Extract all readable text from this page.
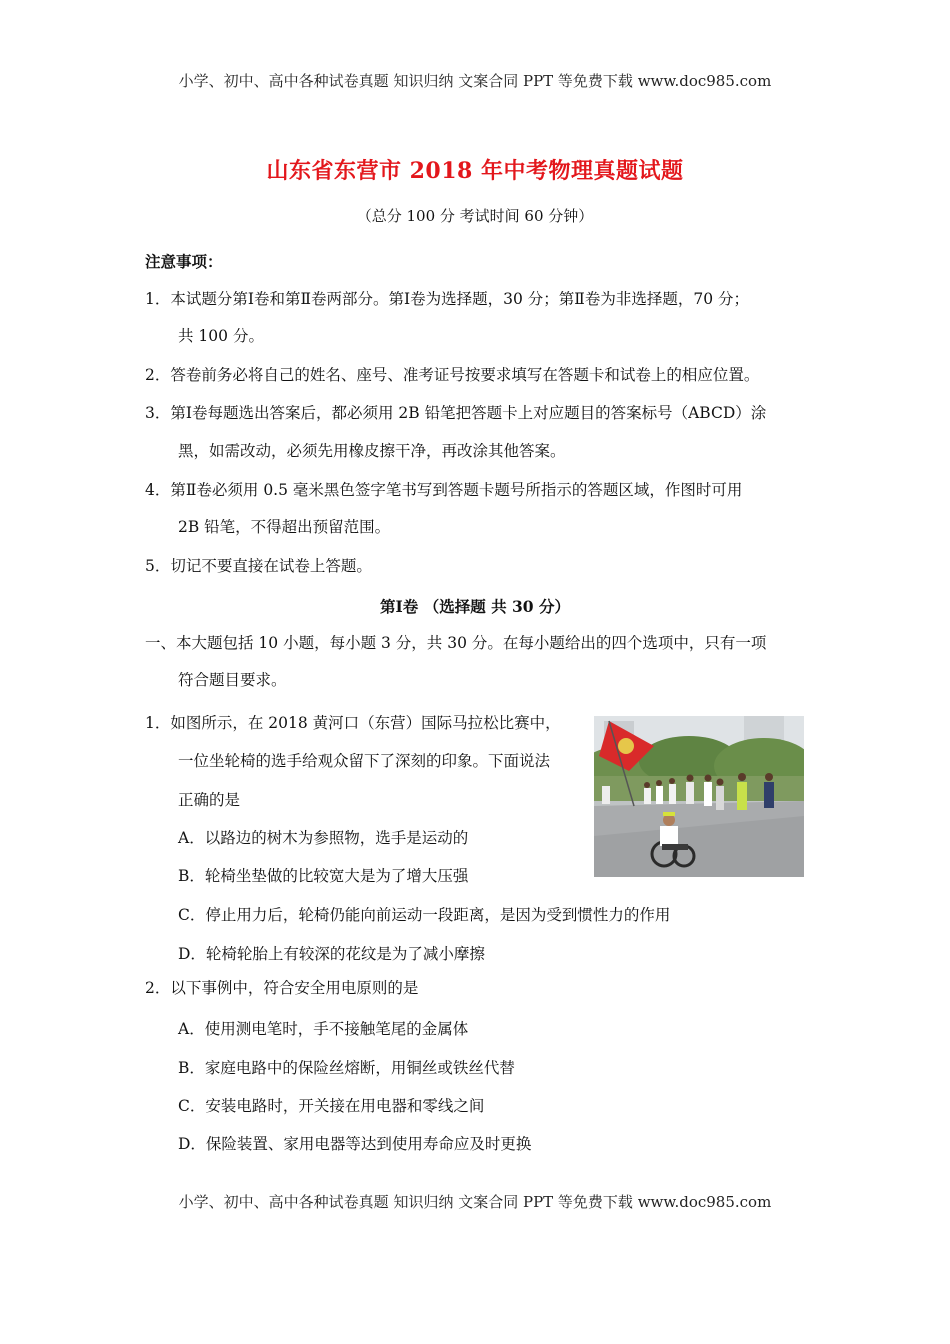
小学、初中、高中各种试卷真题 知识归纳 文案合同 PPT 等免费下载 www.doc985.com
山东省东营市 2018 年中考物理真题试题
（总分 100 分 考试时间 60 分钟）
注意事项：
1．本试题分第Ⅰ卷和第Ⅱ卷两部分。第Ⅰ卷为选择题，30 分；第Ⅱ卷为非选择题，70 分；
共 100 分。
2．答卷前务必将自己的姓名、座号、准考证号按要求填写在答题卡和试卷上的相应位置。
3．第Ⅰ卷每题选出答案后，都必须用 2B 铅笔把答题卡上对应题目的答案标号（ABCD）涂
黑，如需改动，必须先用橡皮擦干净，再改涂其他答案。
4．第Ⅱ卷必须用 0.5 毫米黑色签字笔书写到答题卡题号所指示的答题区域，作图时可用
2B 铅笔，不得超出预留范围。
5．切记不要直接在试卷上答题。
第Ⅰ卷 （选择题 共 30 分）
一、本大题包括 10 小题，每小题 3 分，共 30 分。在每小题给出的四个选项中，只有一项
符合题目要求。
1．如图所示，在 2018 黄河口（东营）国际马拉松比赛中，
一位坐轮椅的选手给观众留下了深刻的印象。下面说法
正确的是
A．以路边的树木为参照物，选手是运动的
B．轮椅坐垫做的比较宽大是为了增大压强
C．停止用力后，轮椅仍能向前运动一段距离，是因为受到惯性力的作用
D．轮椅轮胎上有较深的花纹是为了减小摩擦
2．以下事例中，符合安全用电原则的是
A．使用测电笔时，手不接触笔尾的金属体
B．家庭电路中的保险丝熔断，用铜丝或铁丝代替
C．安装电路时，开关接在用电器和零线之间
D．保险装置、家用电器等达到使用寿命应及时更换
小学、初中、高中各种试卷真题 知识归纳 文案合同 PPT 等免费下载 www.doc985.com
